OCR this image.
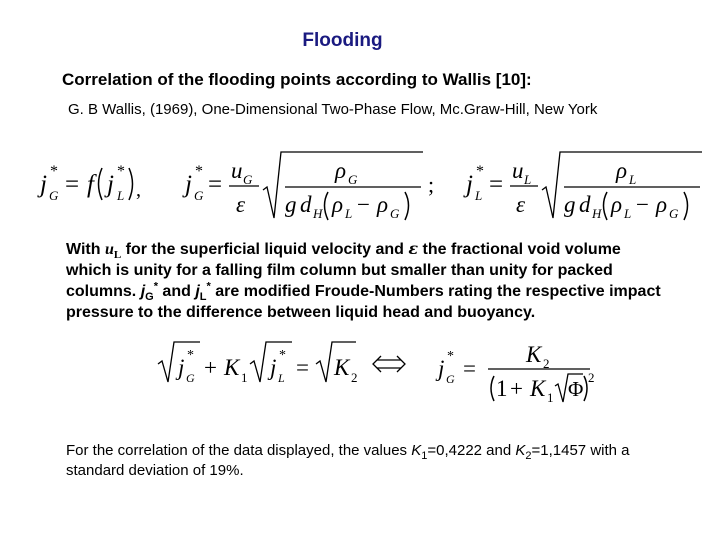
Flooding
Correlation of the flooding points according to Wallis [10]:
G. B Wallis, (1969), One-Dimensional Two-Phase Flow, Mc.Graw-Hill, New York
j G
* = f j L
*
, j G
* =
u G
ε
ρ G
g d H ρ L − ρ G
; j L
* =
u L
ε
ρ L
g d H ρ L − ρ G
With $u_L$ for the superficial liquid velocity and ε the fractional void volume which is unity for a falling film column but smaller than unity for packed columns. $j_G^*$ and $j_L^*$ are modified Froude-Numbers rating the respective impact pressure to the difference between liquid head and buoyancy.
j G
* + K 1 j L
* = K 2	j G
* =
K 2
1 + K 1 Φ 2
For the correlation of the data displayed, the values $K_1=0,4222$ and $K_2=1,1457$ with a standard deviation of 19%.
